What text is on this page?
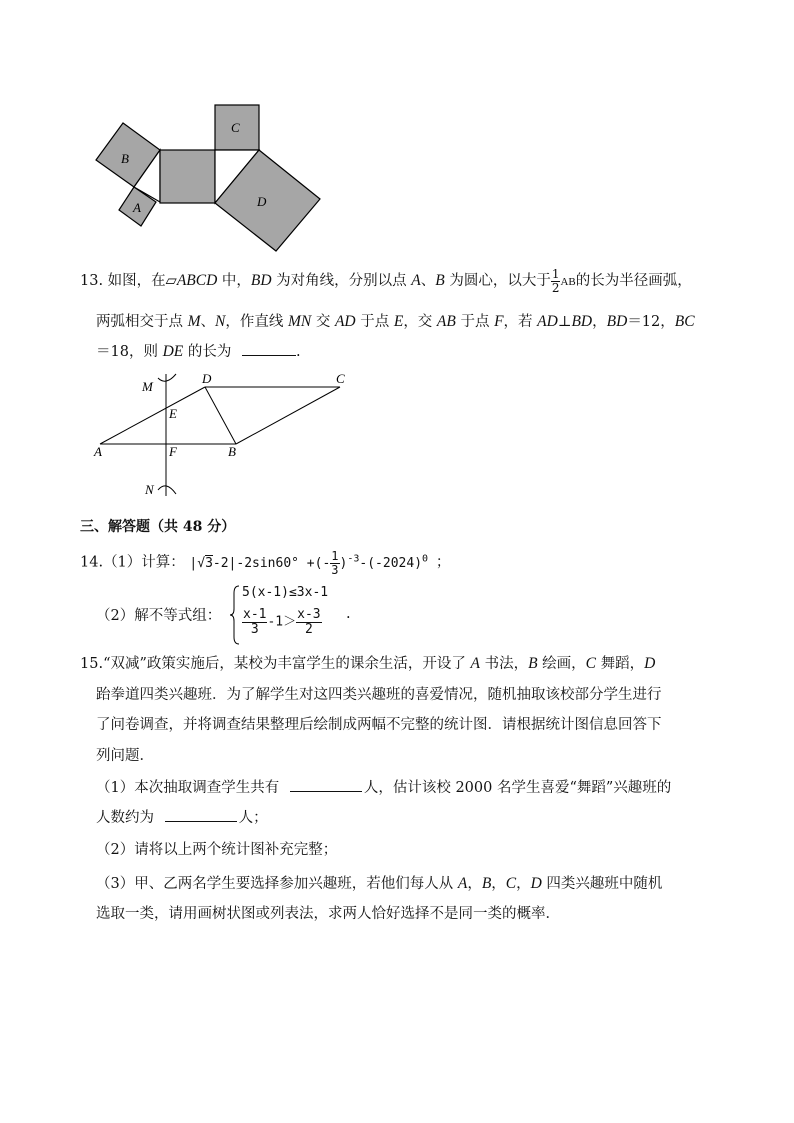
B
A
C
D
13. 如图，在▱ABCD 中，BD 为对角线，分别以点 A、B 为圆心，以大于 $\frac{1}{2}$ AB的长为半径画弧，
两弧相交于点 M、N，作直线 MN 交 AD 于点 E，交 AB 于点 F，若 AD⊥BD，BD＝12，BC
＝18，则 DE 的长为	.
M
D	C
E
A	F	B
N
三、解答题（共 48 分）
14.（1）计算： |√3-2|-2sin60° +(- $\frac{1}{3} )^{-3}-(-2024)^0$ ；
（2）解不等式组：
5(x-1)≤3x-1
$\frac{x-1}{3} -1> \frac{x-3}{2}$ .
15.“双减”政策实施后，某校为丰富学生的课余生活，开设了 A 书法，B 绘画，C 舞蹈，D
跆拳道四类兴趣班．为了解学生对这四类兴趣班的喜爱情况，随机抽取该校部分学生进行
了问卷调查，并将调查结果整理后绘制成两幅不完整的统计图．请根据统计图信息回答下
列问题．
（1）本次抽取调查学生共有	人，估计该校 2000 名学生喜爱“舞蹈”兴趣班的
人数约为	人；
（2）请将以上两个统计图补充完整；
（3）甲、乙两名学生要选择参加兴趣班，若他们每人从 A，B，C，D 四类兴趣班中随机
选取一类，请用画树状图或列表法，求两人恰好选择不是同一类的概率．
